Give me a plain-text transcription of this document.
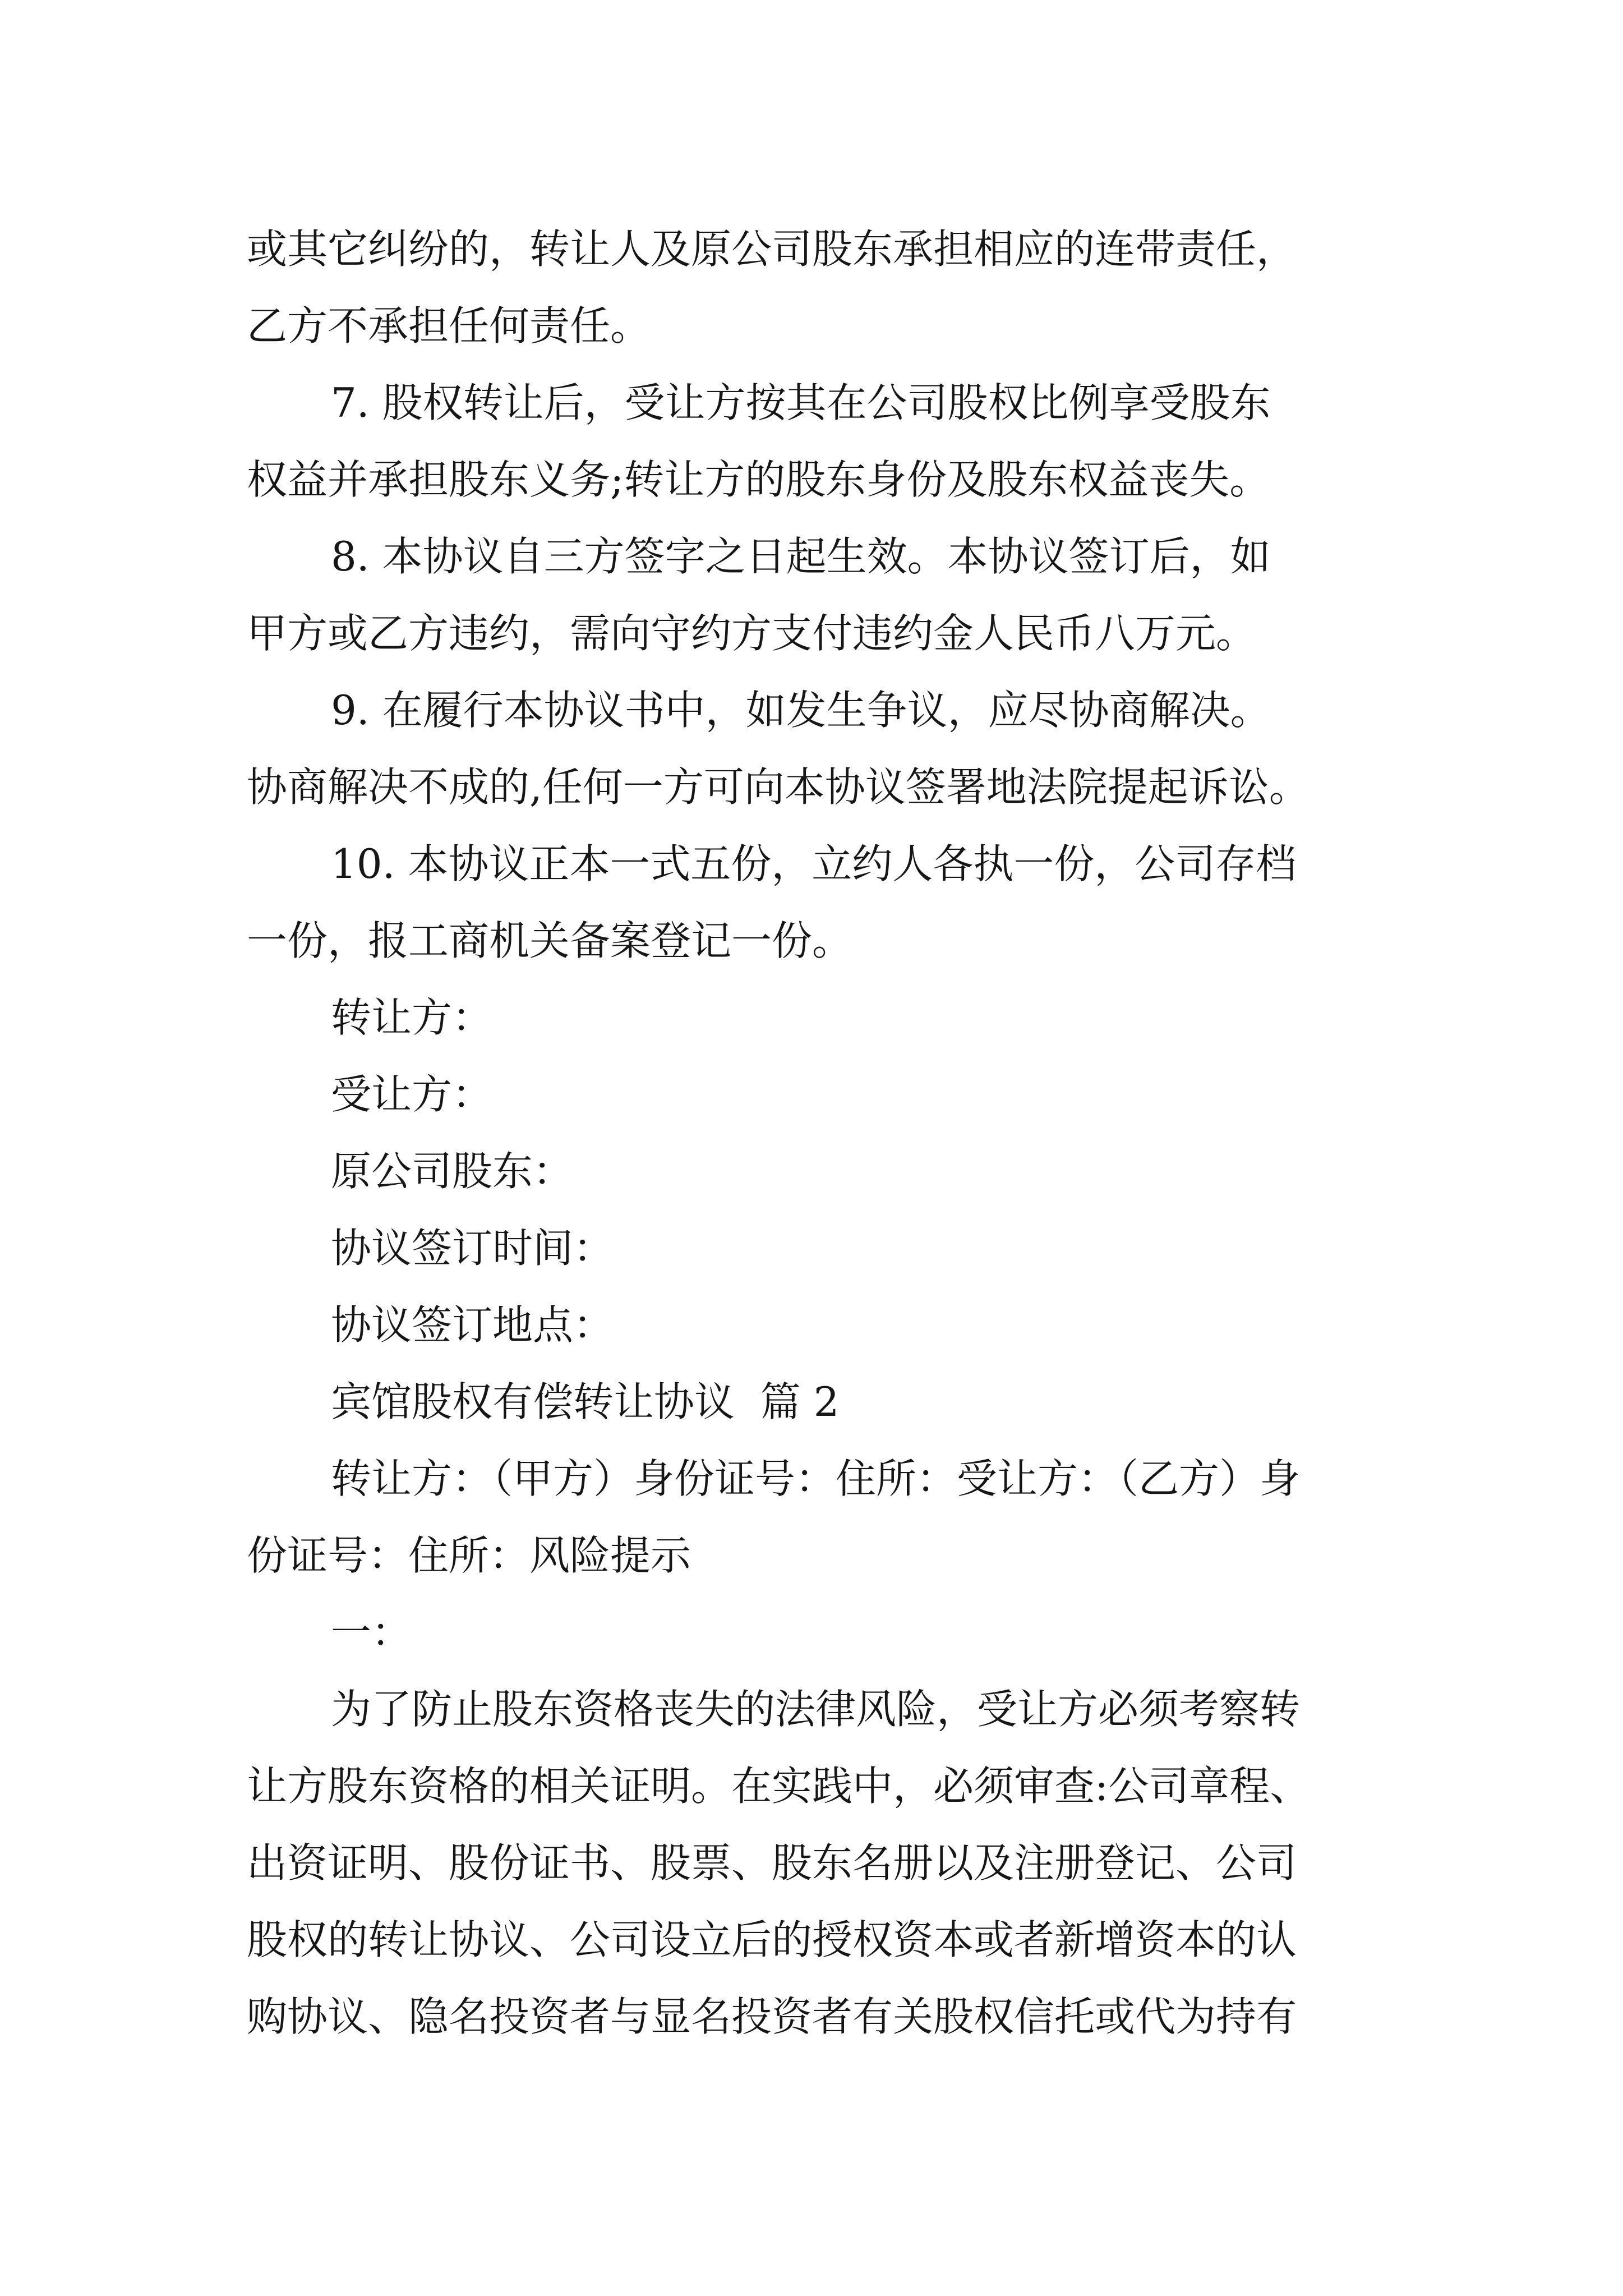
或其它纠纷的，转让人及原公司股东承担相应的连带责任，
乙方不承担任何责任。
7. 股权转让后，受让方按其在公司股权比例享受股东
权益并承担股东义务;转让方的股东身份及股东权益丧失。
8. 本协议自三方签字之日起生效。本协议签订后，如
甲方或乙方违约，需向守约方支付违约金人民币八万元。
9. 在履行本协议书中，如发生争议，应尽协商解决。
协商解决不成的,任何一方可向本协议签署地法院提起诉讼。
10. 本协议正本一式五份，立约人各执一份，公司存档
一份，报工商机关备案登记一份。
转让方：
受让方：
原公司股东：
协议签订时间：
协议签订地点：
宾馆股权有偿转让协议  篇 2
转让方：（甲方）身份证号：住所：受让方：（乙方）身
份证号：住所：风险提示
一：
为了防止股东资格丧失的法律风险，受让方必须考察转
让方股东资格的相关证明。在实践中，必须审查:公司章程、
出资证明、股份证书、股票、股东名册以及注册登记、公司
股权的转让协议、公司设立后的授权资本或者新增资本的认
购协议、隐名投资者与显名投资者有关股权信托或代为持有
